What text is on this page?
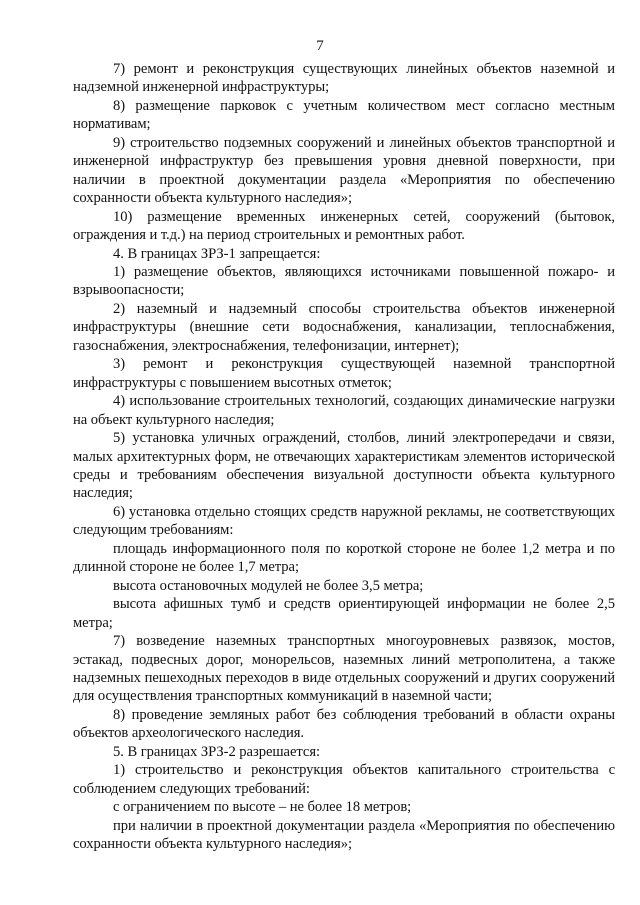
7

7) ремонт и реконструкция существующих линейных объектов наземной и надземной инженерной инфраструктуры;

8) размещение парковок с учетным количеством мест согласно местным нормативам;

9) строительство подземных сооружений и линейных объектов транспортной и инженерной инфраструктур без превышения уровня дневной поверхности, при наличии в проектной документации раздела «Мероприятия по обеспечению сохранности объекта культурного наследия»;

10) размещение временных инженерных сетей, сооружений (бытовок, ограждения и т.д.) на период строительных и ремонтных работ.

4. В границах ЗРЗ-1 запрещается:

1) размещение объектов, являющихся источниками повышенной пожаро- и взрывоопасности;

2) наземный и надземный способы строительства объектов инженерной инфраструктуры (внешние сети водоснабжения, канализации, теплоснабжения, газоснабжения, электроснабжения, телефонизации, интернет);

3) ремонт и реконструкция существующей наземной транспортной инфраструктуры с повышением высотных отметок;

4) использование строительных технологий, создающих динамические нагрузки на объект культурного наследия;

5) установка уличных ограждений, столбов, линий электропередачи и связи, малых архитектурных форм, не отвечающих характеристикам элементов исторической среды и требованиям обеспечения визуальной доступности объекта культурного наследия;

6) установка отдельно стоящих средств наружной рекламы, не соответствующих следующим требованиям:

площадь информационного поля по короткой стороне не более 1,2 метра и по длинной стороне не более 1,7 метра;

высота остановочных модулей не более 3,5 метра;

высота афишных тумб и средств ориентирующей информации не более 2,5 метра;

7) возведение наземных транспортных многоуровневых развязок, мостов, эстакад, подвесных дорог, монорельсов, наземных линий метрополитена, а также надземных пешеходных переходов в виде отдельных сооружений и других сооружений для осуществления транспортных коммуникаций в наземной части;

8) проведение земляных работ без соблюдения требований в области охраны объектов археологического наследия.

5. В границах ЗРЗ-2 разрешается:

1) строительство и реконструкция объектов капитального строительства с соблюдением следующих требований:

с ограничением по высоте – не более 18 метров;

при наличии в проектной документации раздела «Мероприятия по обеспечению сохранности объекта культурного наследия»;
